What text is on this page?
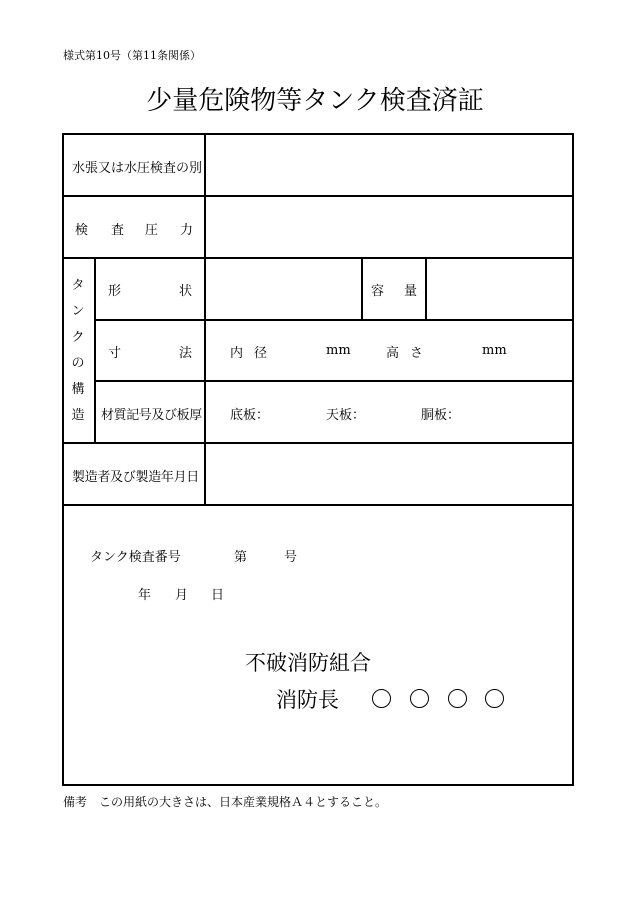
様式第10号（第11条関係）
少量危険物等タンク検査済証
水張又は水圧検査の別
検 査 圧 力
タ
ン
ク
の
構
造
形	状	容 量
寸	法	内 径	mm	高 さ	mm
材質記号及び板厚 底板：	天板：	胴板：
製造者及び製造年月日
タンク検査番号	第	号
年 月 日
不破消防組合
消防長
備考　この用紙の大きさは、日本産業規格Ａ４とすること。
